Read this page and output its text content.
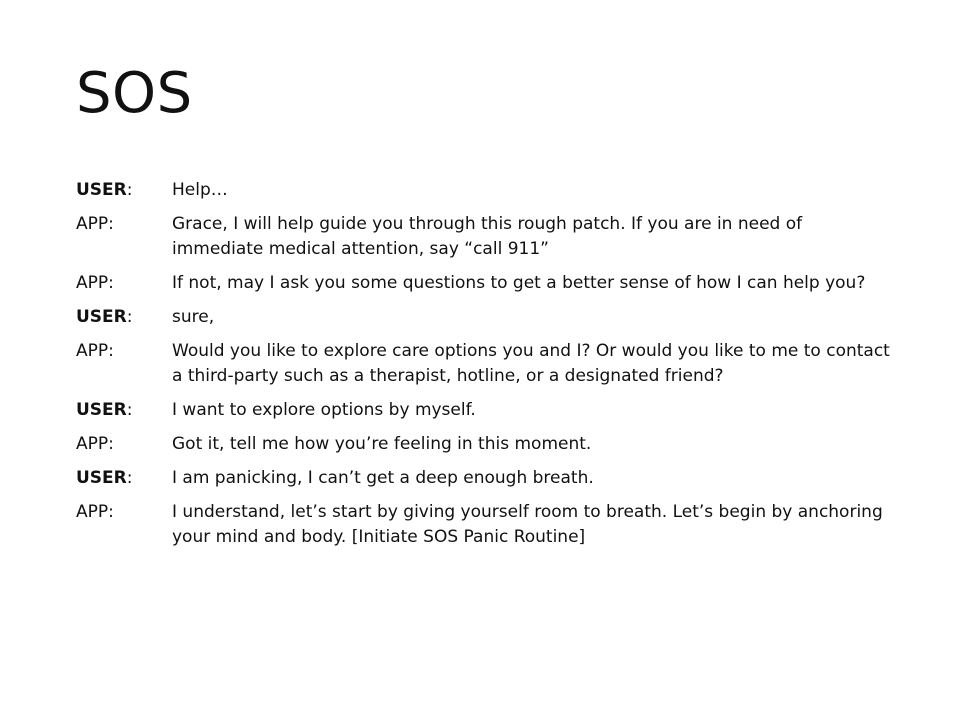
SOS
USER:	Help…
APP:	Grace, I will help guide you through this rough patch. If you are in need of immediate medical attention, say “call 911”
APP:	If not, may I ask you some questions to get a better sense of how I can help you?
USER:	sure,
APP:	Would you like to explore care options you and I? Or would you like to me to contact a third-party such as a therapist, hotline, or a designated friend?
USER:	I want to explore options by myself.
APP:	Got it, tell me how you’re feeling in this moment.
USER:	I am panicking, I can’t get a deep enough breath.
APP:	I understand, let’s start by giving yourself room to breath. Let’s begin by anchoring your mind and body. [Initiate SOS Panic Routine]
